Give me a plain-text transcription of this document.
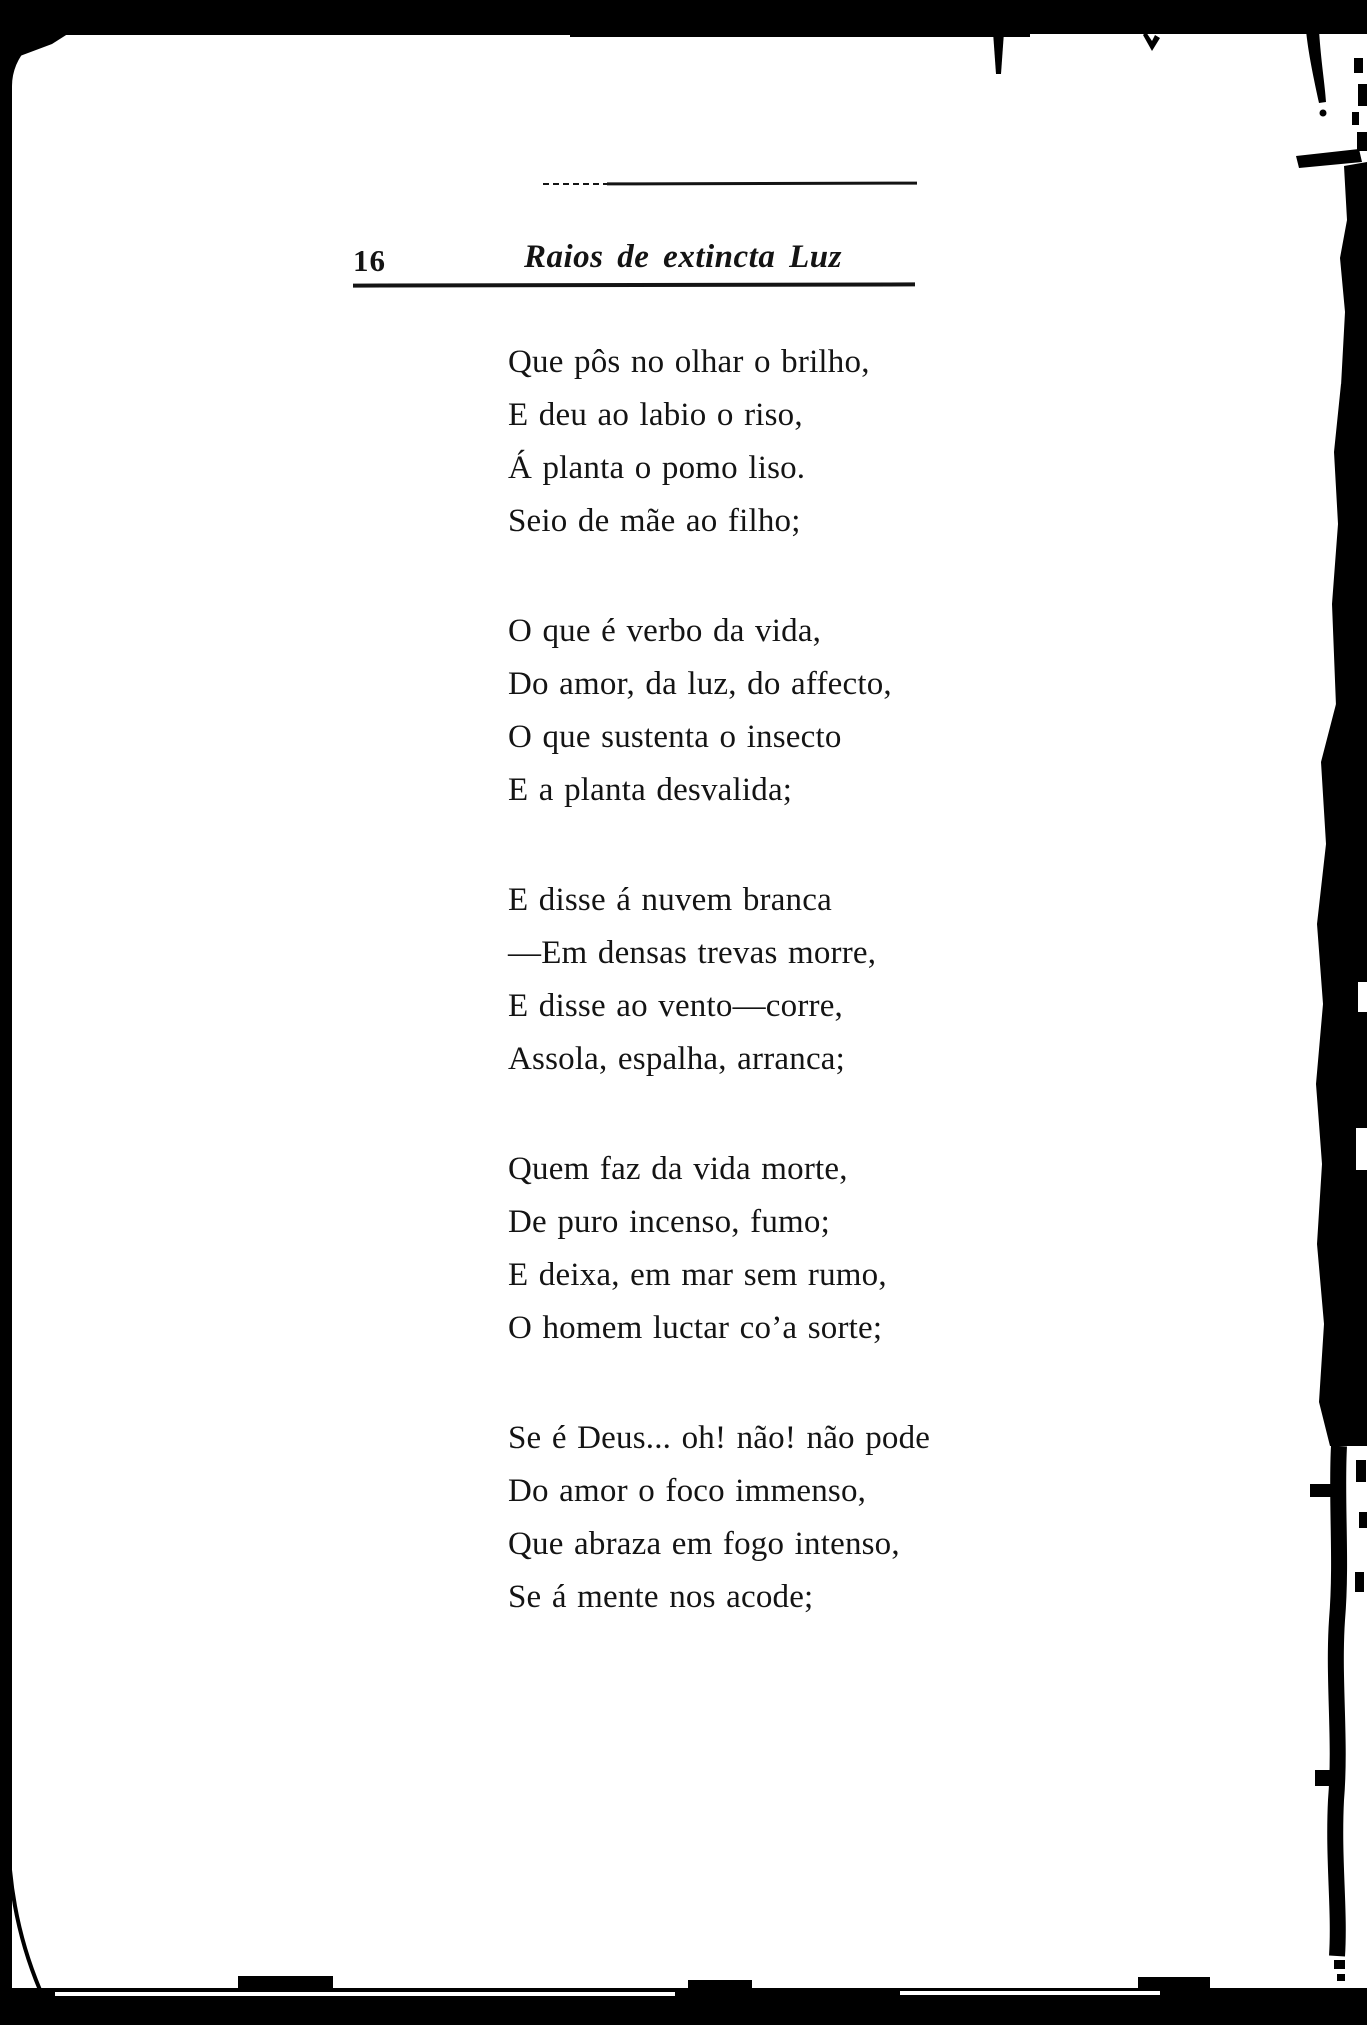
16	Raios de extincta Luz
Que pôs no olhar o brilho,
E deu ao labio o riso,
Á planta o pomo liso.
Seio de mãe ao filho;
O que é verbo da vida,
Do amor, da luz, do affecto,
O que sustenta o insecto
E a planta desvalida;
E disse á nuvem branca
—Em densas trevas morre,
E disse ao vento—corre,
Assola, espalha, arranca;
Quem faz da vida morte,
De puro incenso, fumo;
E deixa, em mar sem rumo,
O homem luctar co’a sorte;
Se é Deus... oh! não! não pode
Do amor o foco immenso,
Que abraza em fogo intenso,
Se á mente nos acode;
